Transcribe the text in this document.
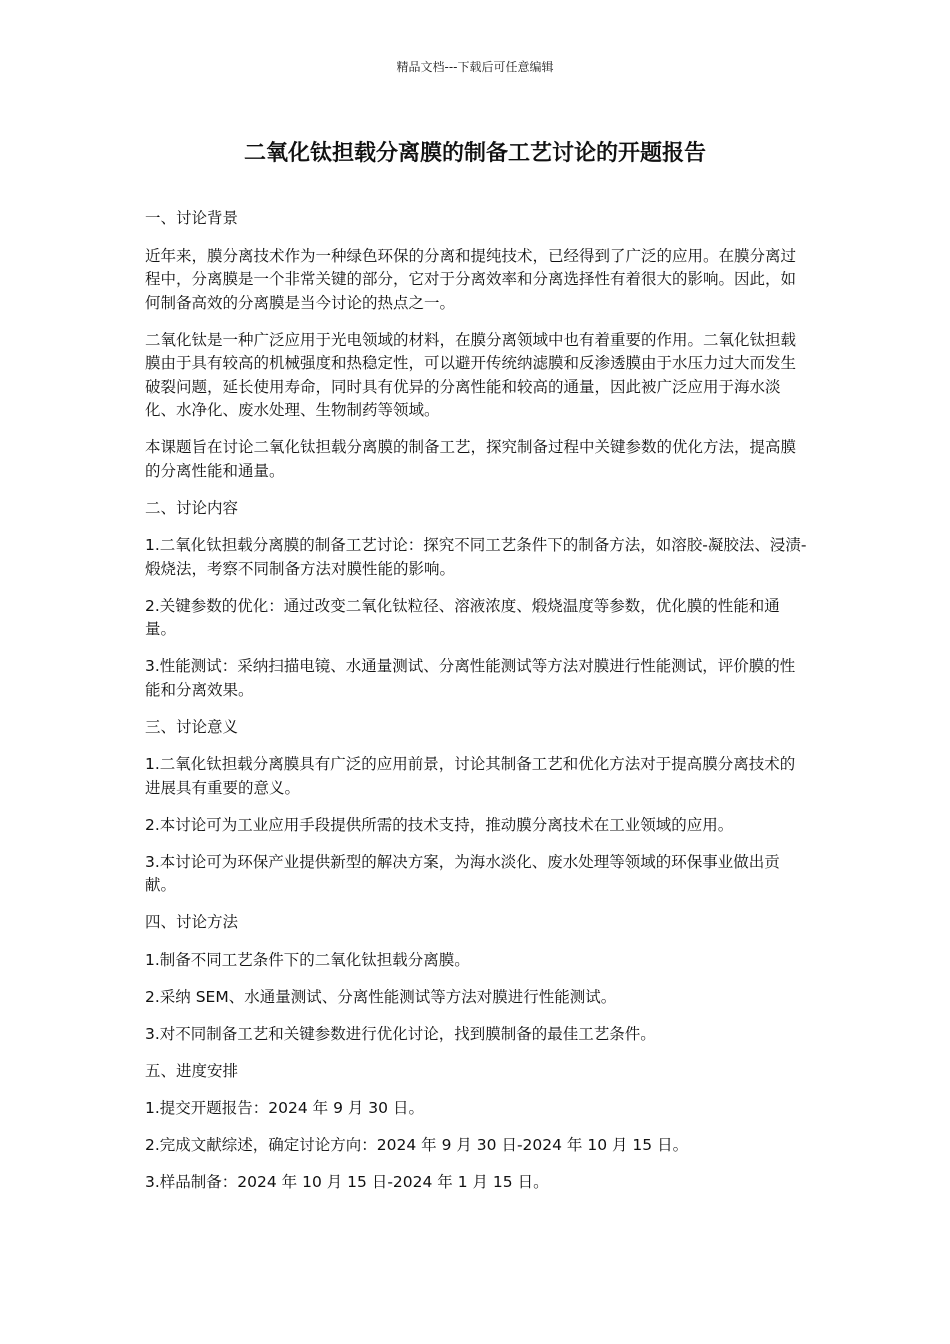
精品文档---下载后可任意编辑
二氧化钛担载分离膜的制备工艺讨论的开题报告

一、讨论背景

近年来，膜分离技术作为一种绿色环保的分离和提纯技术，已经得到了广泛的应用。在膜分离过程中，分离膜是一个非常关键的部分，它对于分离效率和分离选择性有着很大的影响。因此，如何制备高效的分离膜是当今讨论的热点之一。

二氧化钛是一种广泛应用于光电领域的材料，在膜分离领域中也有着重要的作用。二氧化钛担载膜由于具有较高的机械强度和热稳定性，可以避开传统纳滤膜和反渗透膜由于水压力过大而发生破裂问题，延长使用寿命，同时具有优异的分离性能和较高的通量，因此被广泛应用于海水淡化、水净化、废水处理、生物制药等领域。

本课题旨在讨论二氧化钛担载分离膜的制备工艺，探究制备过程中关键参数的优化方法，提高膜的分离性能和通量。

二、讨论内容

1.二氧化钛担载分离膜的制备工艺讨论：探究不同工艺条件下的制备方法，如溶胶-凝胶法、浸渍-煅烧法，考察不同制备方法对膜性能的影响。

2.关键参数的优化：通过改变二氧化钛粒径、溶液浓度、煅烧温度等参数，优化膜的性能和通量。

3.性能测试：采纳扫描电镜、水通量测试、分离性能测试等方法对膜进行性能测试，评价膜的性能和分离效果。

三、讨论意义

1.二氧化钛担载分离膜具有广泛的应用前景，讨论其制备工艺和优化方法对于提高膜分离技术的进展具有重要的意义。

2.本讨论可为工业应用手段提供所需的技术支持，推动膜分离技术在工业领域的应用。

3.本讨论可为环保产业提供新型的解决方案，为海水淡化、废水处理等领域的环保事业做出贡献。

四、讨论方法

1.制备不同工艺条件下的二氧化钛担载分离膜。

2.采纳 SEM、水通量测试、分离性能测试等方法对膜进行性能测试。

3.对不同制备工艺和关键参数进行优化讨论，找到膜制备的最佳工艺条件。

五、进度安排

1.提交开题报告：2024 年 9 月 30 日。

2.完成文献综述，确定讨论方向：2024 年 9 月 30 日-2024 年 10 月 15 日。

3.样品制备：2024 年 10 月 15 日-2024 年 1 月 15 日。
